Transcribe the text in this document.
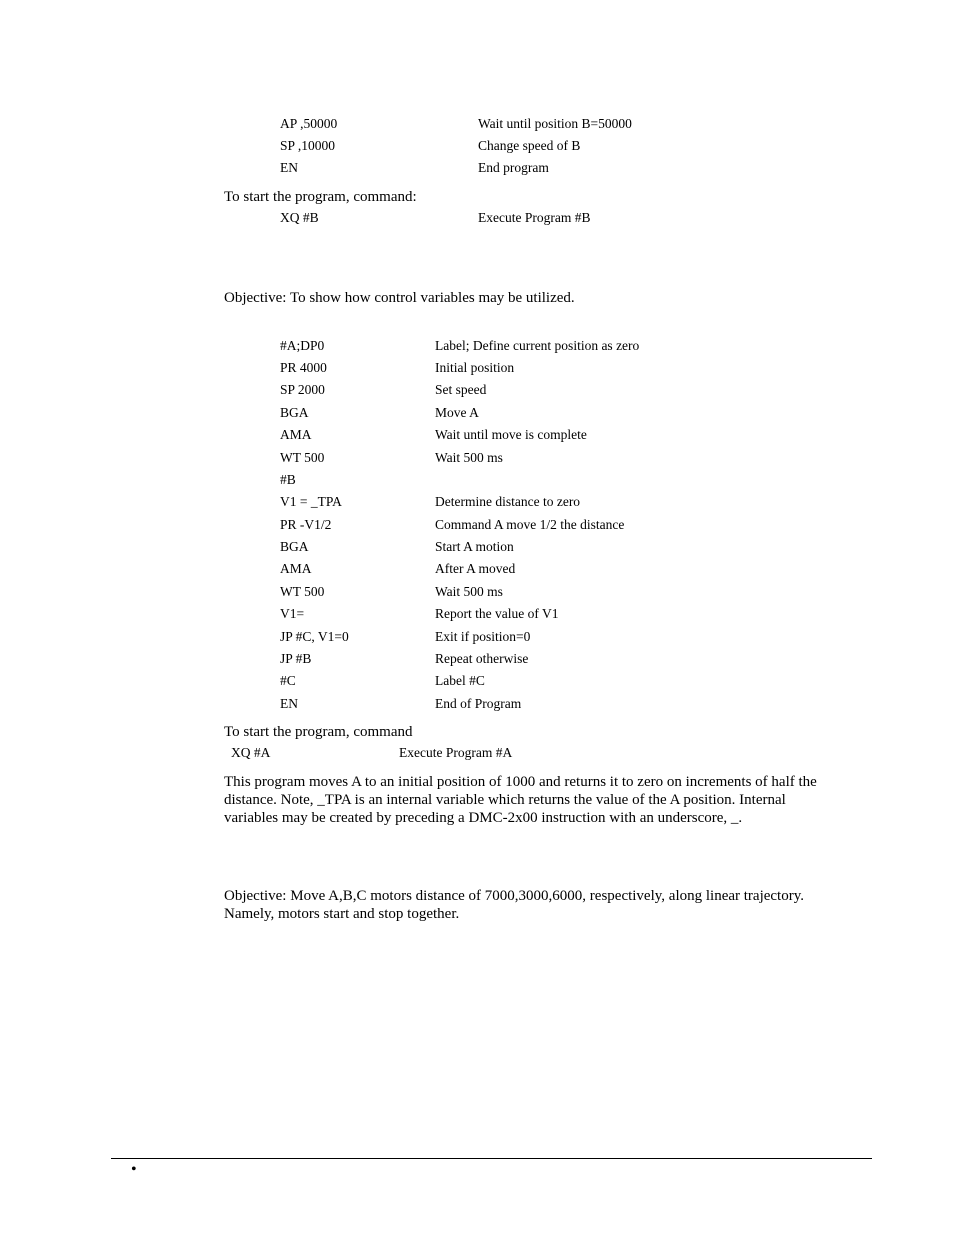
AP ,50000	Wait until position B=50000
SP ,10000	Change speed of B
EN	End program
To start the program, command:
XQ #B	Execute Program #B
Objective: To show how control variables may be utilized.
#A;DP0	Label; Define current position as zero
PR 4000	Initial position
SP 2000	Set speed
BGA	Move A
AMA	Wait until move is complete
WT 500	Wait 500 ms
#B
V1 = _TPA	Determine distance to zero
PR -V1/2	Command A move 1/2 the distance
BGA	Start A motion
AMA	After A moved
WT 500	Wait 500 ms
V1=	Report the value of V1
JP #C, V1=0	Exit if position=0
JP #B	Repeat otherwise
#C	Label #C
EN	End of Program
To start the program, command
XQ #A	Execute Program #A
This program moves A to an initial position of 1000 and returns it to zero on increments of half the
distance. Note, _TPA is an internal variable which returns the value of the A position. Internal
variables may be created by preceding a DMC-2x00 instruction with an underscore, _.
Objective: Move A,B,C motors distance of 7000,3000,6000, respectively, along linear trajectory.
Namely, motors start and stop together.
•
